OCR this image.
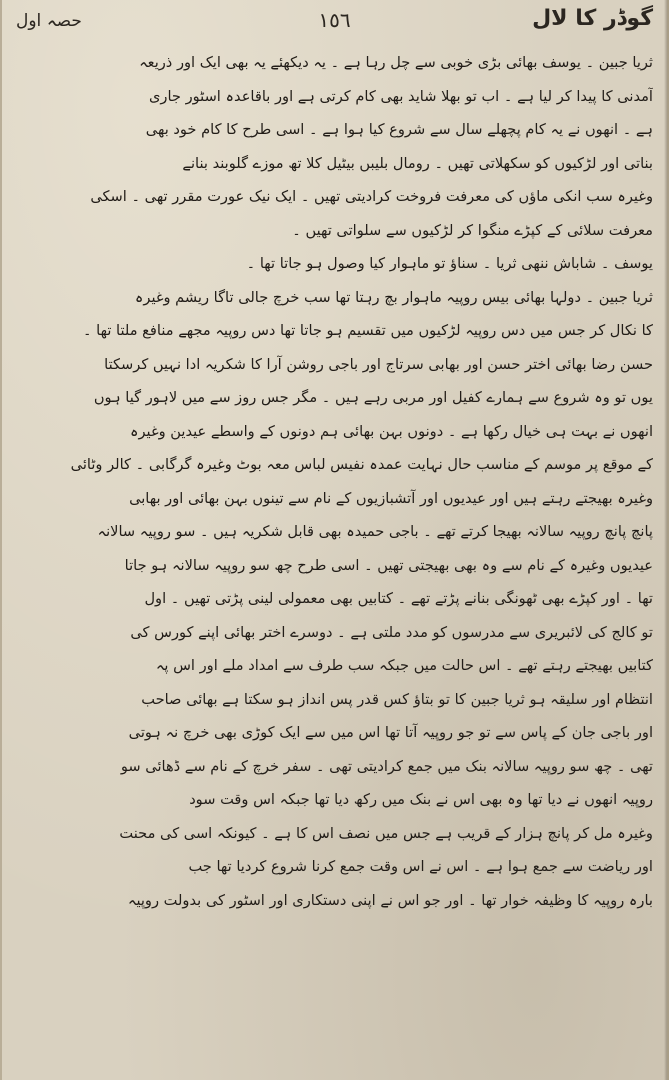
گوڈر کا لال
١٥٦
حصہ اول
ثریا جبین ۔ یوسف بھائی بڑی خوبی سے چل رہا ہے ۔ یہ دیکھئے یہ بھی ایک اور ذریعہ
آمدنی کا پیدا کر لیا ہے ۔ اب تو بھلا شاید بھی کام کرتی ہے اور باقاعدہ اسٹور جاری
ہے ۔ انھوں نے یہ کام پچھلے سال سے شروع کیا ہوا ہے ۔ اسی طرح کا کام خود بھی
بناتی اور لڑکیوں کو سکھلاتی تھیں ۔ رومال بلیبں بیٹیل کلا تھ موزے گلوبند بنانے
وغیرہ سب انکی ماؤں کی معرفت فروخت کرادیتی تھیں ۔ ایک نیک عورت مقرر تھی ۔ اسکی
معرفت سلائی کے کپڑے منگوا کر لڑکیوں سے سلواتی تھیں ۔
یوسف ۔ شاباش ننھی ثریا ۔ سناؤ تو ماہوار کیا وصول ہو جاتا تھا ۔
ثریا جبین ۔ دولہا بھائی بیس روپیہ ماہوار بچ رہتا تھا سب خرچ جالی تاگا ریشم وغیرہ
کا نکال کر جس میں دس روپیہ لڑکیوں میں تقسیم ہو جاتا تھا دس روپیہ مجھے منافع ملتا تھا ۔
حسن رضا بھائی اختر حسن اور بھابی سرتاج اور باجی روشن آرا کا شکریہ ادا نہیں کرسکتا
یوں تو وہ شروع سے ہمارے کفیل اور مربی رہے ہیں ۔ مگر جس روز سے میں لاہور گیا ہوں
انھوں نے بہت ہی خیال رکھا ہے ۔ دونوں بہن بھائی ہم دونوں کے واسطے عیدین وغیرہ
کے موقع پر موسم کے مناسب حال نہایت عمدہ نفیس لباس معہ بوٹ وغیرہ گرگابی ۔ کالر وٹائی
وغیرہ بھیجتے رہتے ہیں اور عیدیوں اور آتشبازیوں کے نام سے تینوں بہن بھائی اور بھابی
پانچ پانچ روپیہ سالانہ بھیجا کرتے تھے ۔ باجی حمیدہ بھی قابل شکریہ ہیں ۔ سو روپیہ سالانہ
عیدیوں وغیرہ کے نام سے وہ بھی بھیجتی تھیں ۔ اسی طرح چھ سو روپیہ سالانہ ہو جاتا
تھا ۔ اور کپڑے بھی ٹھونگی بنانے پڑتے تھے ۔ کتابیں بھی معمولی لینی پڑتی تھیں ۔ اول
تو کالج کی لائبریری سے مدرسوں کو مدد ملتی ہے ۔ دوسرے اختر بھائی اپنے کورس کی
کتابیں بھیجتے رہتے تھے ۔ اس حالت میں جبکہ سب طرف سے امداد ملے اور اس پہ
انتظام اور سلیقہ ہو ثریا جبین کا تو بتاؤ کس قدر پس انداز ہو سکتا ہے بھائی صاحب
اور باجی جان کے پاس سے تو جو روپیہ آتا تھا اس میں سے ایک کوڑی بھی خرچ نہ ہوتی
تھی ۔ چھ سو روپیہ سالانہ بنک میں جمع کرادیتی تھی ۔ سفر خرچ کے نام سے ڈھائی سو
روپیہ انھوں نے دیا تھا وہ بھی اس نے بنک میں رکھ دیا تھا جبکہ اس وقت سود
وغیرہ مل کر پانچ ہزار کے قریب ہے جس میں نصف اس کا ہے ۔ کیونکہ اسی کی محنت
اور ریاضت سے جمع ہوا ہے ۔ اس نے اس وقت جمع کرنا شروع کردیا تھا جب
بارہ روپیہ کا وظیفہ خوار تھا ۔ اور جو اس نے اپنی دستکاری اور اسٹور کی بدولت روپیہ
